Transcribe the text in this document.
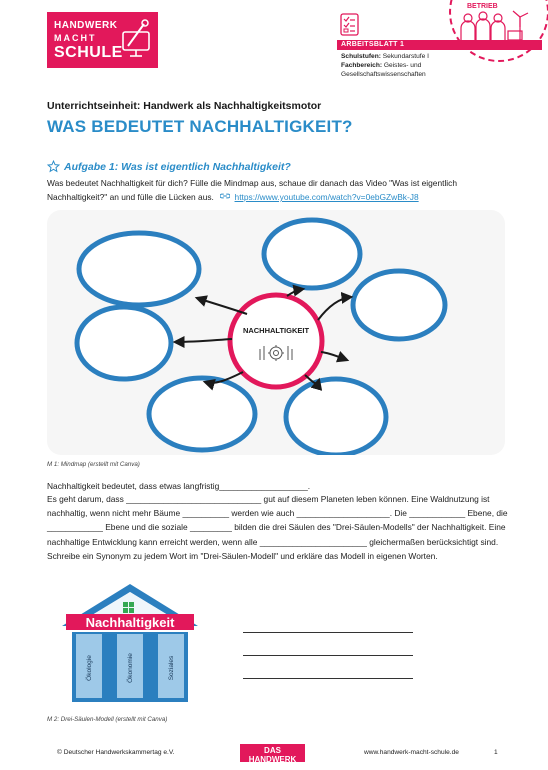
HANDWERK
MACHT
SCHULE
BETRIEB
ARBEITSBLATT 1
Schulstufen: Sekundarstufe I
Fachbereich: Geistes- und Gesellschaftswissenschaften
Unterrichtseinheit: Handwerk als Nachhaltigkeitsmotor
WAS BEDEUTET NACHHALTIGKEIT?
Aufgabe 1: Was ist eigentlich Nachhaltigkeit?
Was bedeutet Nachhaltigkeit für dich? Fülle die Mindmap aus, schaue dir danach das Video "Was ist eigentlich Nachhaltigkeit?" an und fülle die Lücken aus. https://www.youtube.com/watch?v=0ebGZwBk-J8
NACHHALTIGKEIT
M 1: Mindmap (erstellt mit Canva)
Nachhaltigkeit bedeutet, dass etwas langfristig___________________.
Es geht darum, dass _____________________________ gut auf diesem Planeten leben können. Eine Waldnutzung ist nachhaltig, wenn nicht mehr Bäume __________ werden wie auch ____________________. Die ____________ Ebene, die ____________ Ebene und die soziale _________ bilden die drei Säulen des "Drei-Säulen-Modells" der Nachhaltigkeit. Eine nachhaltige Entwicklung kann erreicht werden, wenn alle _______________________ gleichermaßen berücksichtigt sind. Schreibe ein Synonym zu jedem Wort im "Drei-Säulen-Modell" und erkläre das Modell in eigenen Worten.
Nachhaltigkeit
Ökologie	Ökonomie	Soziales
M 2: Drei-Säulen-Modell (erstellt mit Canva)
© Deutscher Handwerkskammertag e.V.	DAS HANDWERK
DIE WIRTSCHAFTSMACHT. VON NEBENAN.
www.handwerk-macht-schule.de	1
